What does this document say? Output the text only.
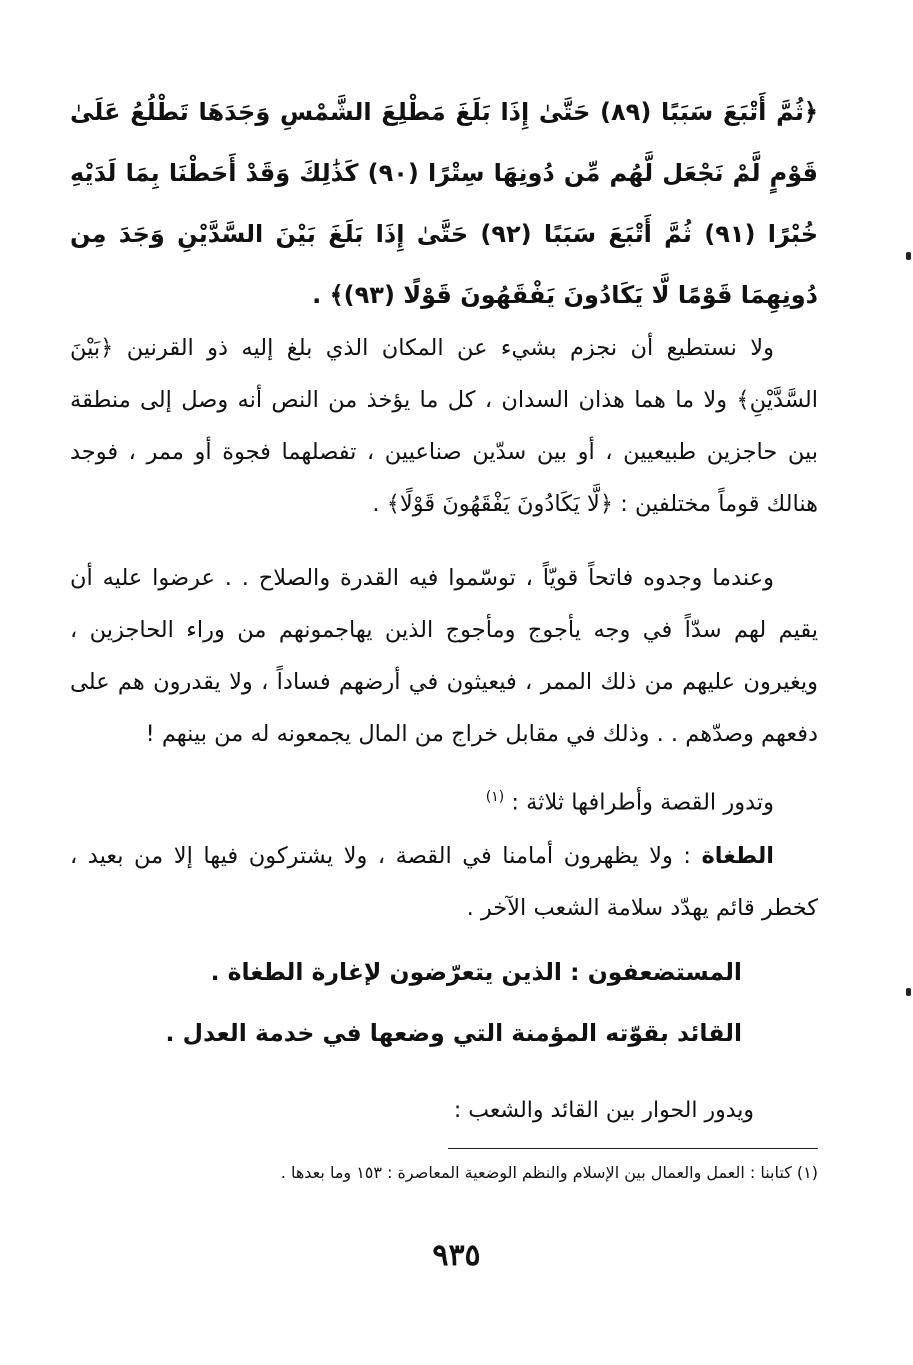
﴿ثُمَّ أَتْبَعَ سَبَبًا (٨٩) حَتَّىٰ إِذَا بَلَغَ مَطْلِعَ الشَّمْسِ وَجَدَهَا تَطْلُعُ عَلَىٰ قَوْمٍ لَّمْ نَجْعَل لَّهُم مِّن دُونِهَا سِتْرًا (٩٠) كَذَٰلِكَ وَقَدْ أَحَطْنَا بِمَا لَدَيْهِ خُبْرًا (٩١) ثُمَّ أَتْبَعَ سَبَبًا (٩٢) حَتَّىٰ إِذَا بَلَغَ بَيْنَ السَّدَّيْنِ وَجَدَ مِن دُونِهِمَا قَوْمًا لَّا يَكَادُونَ يَفْقَهُونَ قَوْلًا (٩٣)﴾ .
ولا نستطيع أن نجزم بشيء عن المكان الذي بلغ إليه ذو القرنين ﴿بَيْنَ السَّدَّيْنِ﴾ ولا ما هما هذان السدان ، كل ما يؤخذ من النص أنه وصل إلى منطقة بين حاجزين طبيعيين ، أو بين سدّين صناعيين ، تفصلهما فجوة أو ممر ، فوجد هنالك قوماً مختلفين : ﴿لَّا يَكَادُونَ يَفْقَهُونَ قَوْلًا﴾ .
وعندما وجدوه فاتحاً قويّاً ، توسّموا فيه القدرة والصلاح . . عرضوا عليه أن يقيم لهم سدّاً في وجه يأجوج ومأجوج الذين يهاجمونهم من وراء الحاجزين ، ويغيرون عليهم من ذلك الممر ، فيعيثون في أرضهم فساداً ، ولا يقدرون هم على دفعهم وصدّهم . . وذلك في مقابل خراج من المال يجمعونه له من بينهم !
وتدور القصة وأطرافها ثلاثة : $^{(١)}$
الطغاة : ولا يظهرون أمامنا في القصة ، ولا يشتركون فيها إلا من بعيد ، كخطر قائم يهدّد سلامة الشعب الآخر .
المستضعفون : الذين يتعرّضون لإغارة الطغاة .
القائد بقوّته المؤمنة التي وضعها في خدمة العدل .
ويدور الحوار بين القائد والشعب :
(١) كتابنا : العمل والعمال بين الإسلام والنظم الوضعية المعاصرة : ١٥٣ وما بعدها .
٩٣٥
